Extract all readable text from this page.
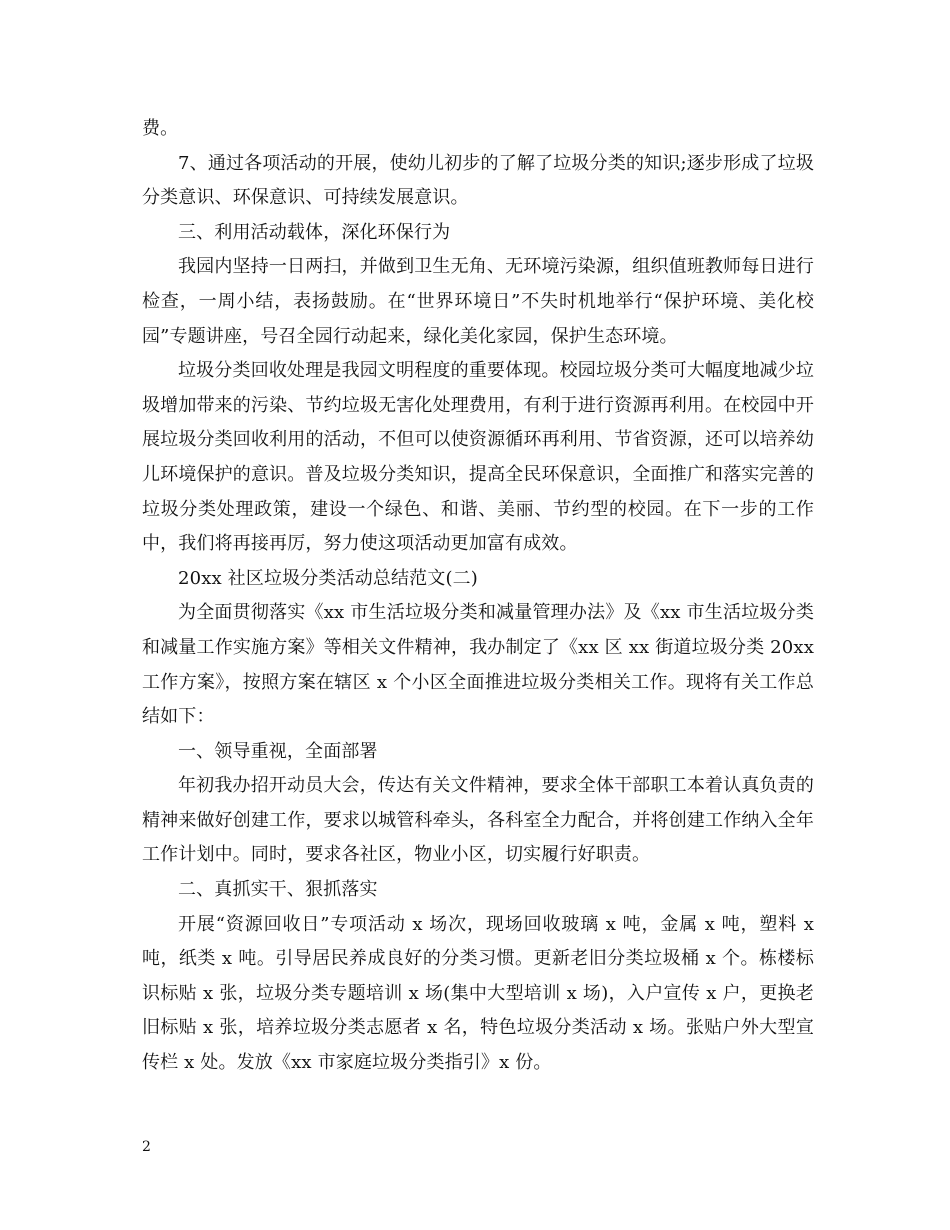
费。

7、通过各项活动的开展，使幼儿初步的了解了垃圾分类的知识;逐步形成了垃圾分类意识、环保意识、可持续发展意识。

三、利用活动载体，深化环保行为

我园内坚持一日两扫，并做到卫生无角、无环境污染源，组织值班教师每日进行检查，一周小结，表扬鼓励。在“世界环境日”不失时机地举行“保护环境、美化校园”专题讲座，号召全园行动起来，绿化美化家园，保护生态环境。

垃圾分类回收处理是我园文明程度的重要体现。校园垃圾分类可大幅度地减少垃圾增加带来的污染、节约垃圾无害化处理费用，有利于进行资源再利用。在校园中开展垃圾分类回收利用的活动，不但可以使资源循环再利用、节省资源，还可以培养幼儿环境保护的意识。普及垃圾分类知识，提高全民环保意识，全面推广和落实完善的垃圾分类处理政策，建设一个绿色、和谐、美丽、节约型的校园。在下一步的工作中，我们将再接再厉，努力使这项活动更加富有成效。

20xx 社区垃圾分类活动总结范文(二)

为全面贯彻落实《xx 市生活垃圾分类和减量管理办法》及《xx 市生活垃圾分类和减量工作实施方案》等相关文件精神，我办制定了《xx 区 xx 街道垃圾分类 20xx 工作方案》，按照方案在辖区 x 个小区全面推进垃圾分类相关工作。现将有关工作总结如下：

一、领导重视，全面部署

年初我办招开动员大会，传达有关文件精神，要求全体干部职工本着认真负责的精神来做好创建工作，要求以城管科牵头，各科室全力配合，并将创建工作纳入全年工作计划中。同时，要求各社区，物业小区，切实履行好职责。

二、真抓实干、狠抓落实

开展“资源回收日”专项活动 x 场次，现场回收玻璃 x 吨，金属 x 吨，塑料 x 吨，纸类 x 吨。引导居民养成良好的分类习惯。更新老旧分类垃圾桶 x 个。栋楼标识标贴 x 张，垃圾分类专题培训 x 场(集中大型培训 x 场)，入户宣传 x 户，更换老旧标贴 x 张，培养垃圾分类志愿者 x 名，特色垃圾分类活动 x 场。张贴户外大型宣传栏 x 处。发放《xx 市家庭垃圾分类指引》x 份。

2
